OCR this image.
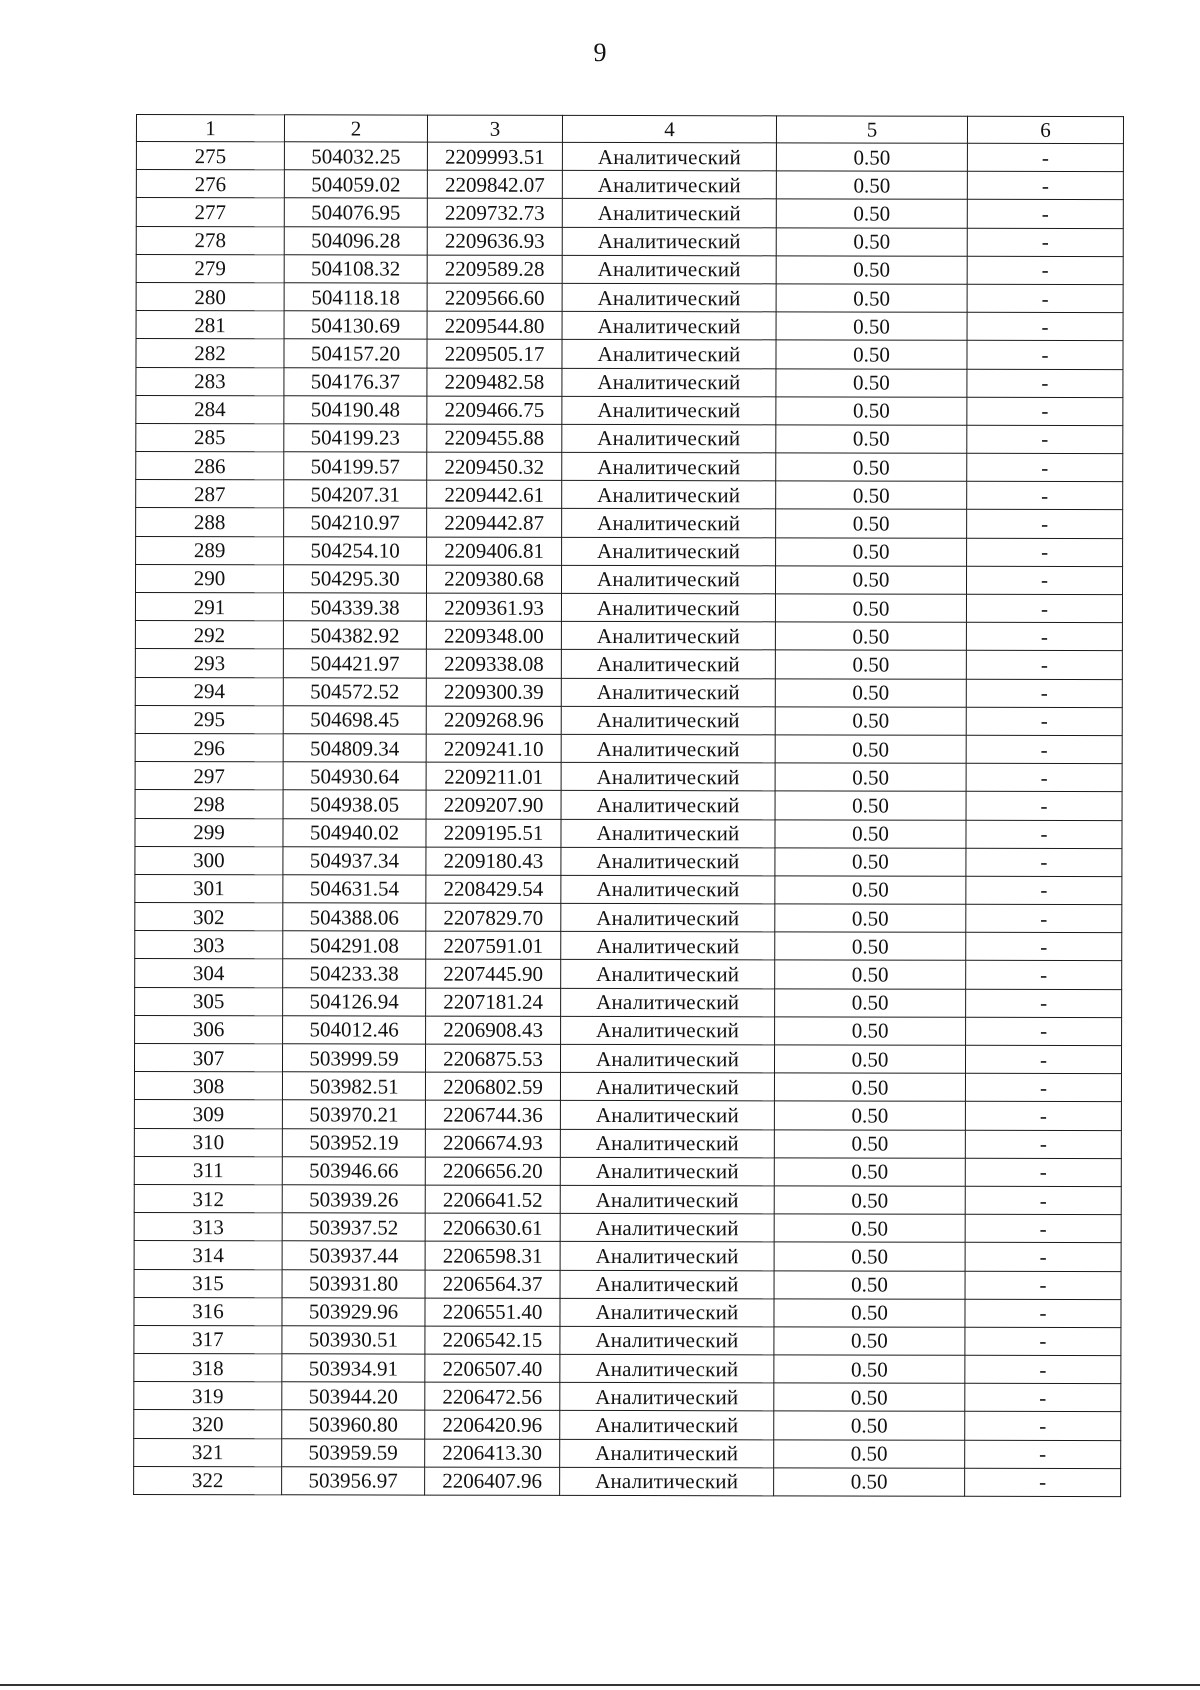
9
1	2	3	4	5	6
275	504032.25	2209993.51	Аналитический	0.50	-
276	504059.02	2209842.07	Аналитический	0.50	-
277	504076.95	2209732.73	Аналитический	0.50	-
278	504096.28	2209636.93	Аналитический	0.50	-
279	504108.32	2209589.28	Аналитический	0.50	-
280	504118.18	2209566.60	Аналитический	0.50	-
281	504130.69	2209544.80	Аналитический	0.50	-
282	504157.20	2209505.17	Аналитический	0.50	-
283	504176.37	2209482.58	Аналитический	0.50	-
284	504190.48	2209466.75	Аналитический	0.50	-
285	504199.23	2209455.88	Аналитический	0.50	-
286	504199.57	2209450.32	Аналитический	0.50	-
287	504207.31	2209442.61	Аналитический	0.50	-
288	504210.97	2209442.87	Аналитический	0.50	-
289	504254.10	2209406.81	Аналитический	0.50	-
290	504295.30	2209380.68	Аналитический	0.50	-
291	504339.38	2209361.93	Аналитический	0.50	-
292	504382.92	2209348.00	Аналитический	0.50	-
293	504421.97	2209338.08	Аналитический	0.50	-
294	504572.52	2209300.39	Аналитический	0.50	-
295	504698.45	2209268.96	Аналитический	0.50	-
296	504809.34	2209241.10	Аналитический	0.50	-
297	504930.64	2209211.01	Аналитический	0.50	-
298	504938.05	2209207.90	Аналитический	0.50	-
299	504940.02	2209195.51	Аналитический	0.50	-
300	504937.34	2209180.43	Аналитический	0.50	-
301	504631.54	2208429.54	Аналитический	0.50	-
302	504388.06	2207829.70	Аналитический	0.50	-
303	504291.08	2207591.01	Аналитический	0.50	-
304	504233.38	2207445.90	Аналитический	0.50	-
305	504126.94	2207181.24	Аналитический	0.50	-
306	504012.46	2206908.43	Аналитический	0.50	-
307	503999.59	2206875.53	Аналитический	0.50	-
308	503982.51	2206802.59	Аналитический	0.50	-
309	503970.21	2206744.36	Аналитический	0.50	-
310	503952.19	2206674.93	Аналитический	0.50	-
311	503946.66	2206656.20	Аналитический	0.50	-
312	503939.26	2206641.52	Аналитический	0.50	-
313	503937.52	2206630.61	Аналитический	0.50	-
314	503937.44	2206598.31	Аналитический	0.50	-
315	503931.80	2206564.37	Аналитический	0.50	-
316	503929.96	2206551.40	Аналитический	0.50	-
317	503930.51	2206542.15	Аналитический	0.50	-
318	503934.91	2206507.40	Аналитический	0.50	-
319	503944.20	2206472.56	Аналитический	0.50	-
320	503960.80	2206420.96	Аналитический	0.50	-
321	503959.59	2206413.30	Аналитический	0.50	-
322	503956.97	2206407.96	Аналитический	0.50	-
